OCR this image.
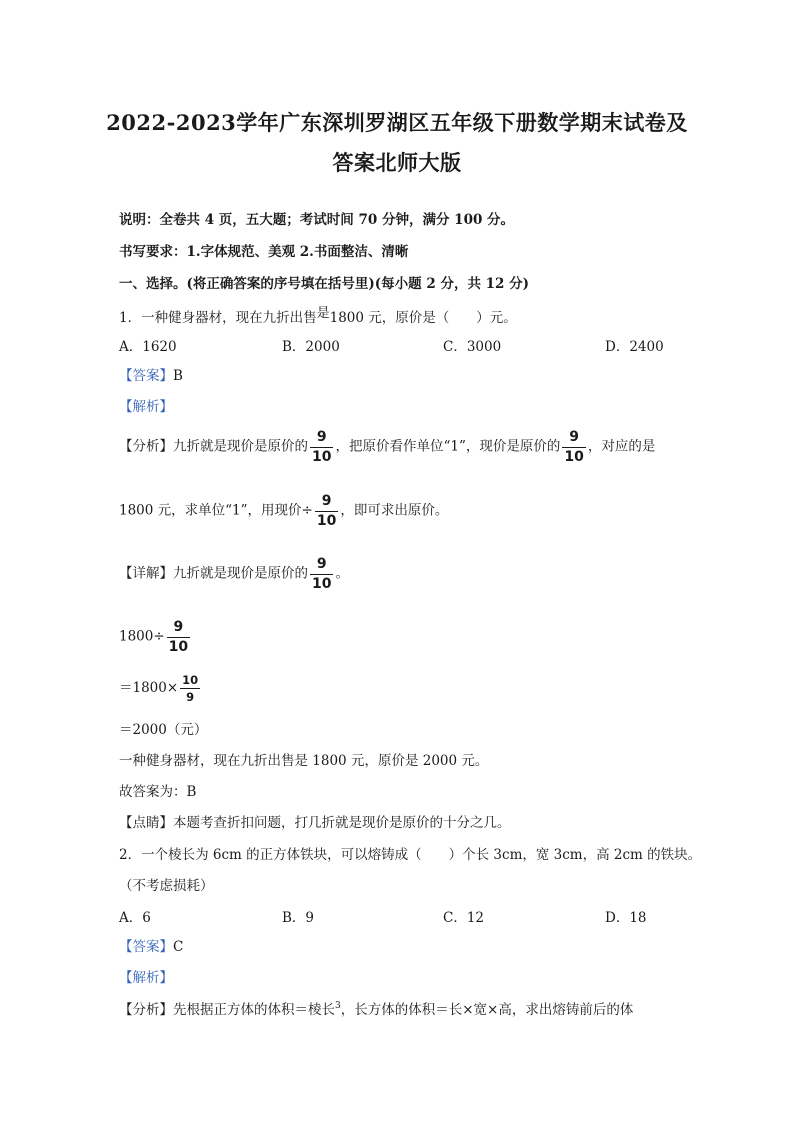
2022-2023学年广东深圳罗湖区五年级下册数学期末试卷及
答案北师大版
说明：全卷共 4 页，五大题；考试时间 70 分钟，满分 100 分。
书写要求：1.字体规范、美观 2.书面整洁、清晰
一、选择。(将正确答案的序号填在括号里)(每小题 2 分，共 12 分)
1．一种健身器材，现在九折出售是1800 元，原价是（　　）元。
A．1620	B．2000	C．3000	D．2400
【答案】B
【解析】
【分析】九折就是现价是原价的 $\frac{9}{10}$ ，把原价看作单位“1”，现价是原价的 $\frac{9}{10}$ ，对应的是
1800 元，求单位“1”，用现价÷ $\frac{9}{10}$ ，即可求出原价。
【详解】九折就是现价是原价的 $\frac{9}{10}$ 。
$1800\div \frac{9}{10}$
$=1800\times \frac{10}{9}$
＝2000（元）
一种健身器材，现在九折出售是 1800 元，原价是 2000 元。
故答案为：B
【点睛】本题考查折扣问题，打几折就是现价是原价的十分之几。
2．一个棱长为 6cm 的正方体铁块，可以熔铸成（　　）个长 3cm，宽 3cm，高 2cm 的铁块。
（不考虑损耗）
A．6	B．9	C．12	D．18
【答案】C
【解析】
【分析】先根据正方体的体积＝棱长$^3$，长方体的体积＝长×宽×高，求出熔铸前后的体
